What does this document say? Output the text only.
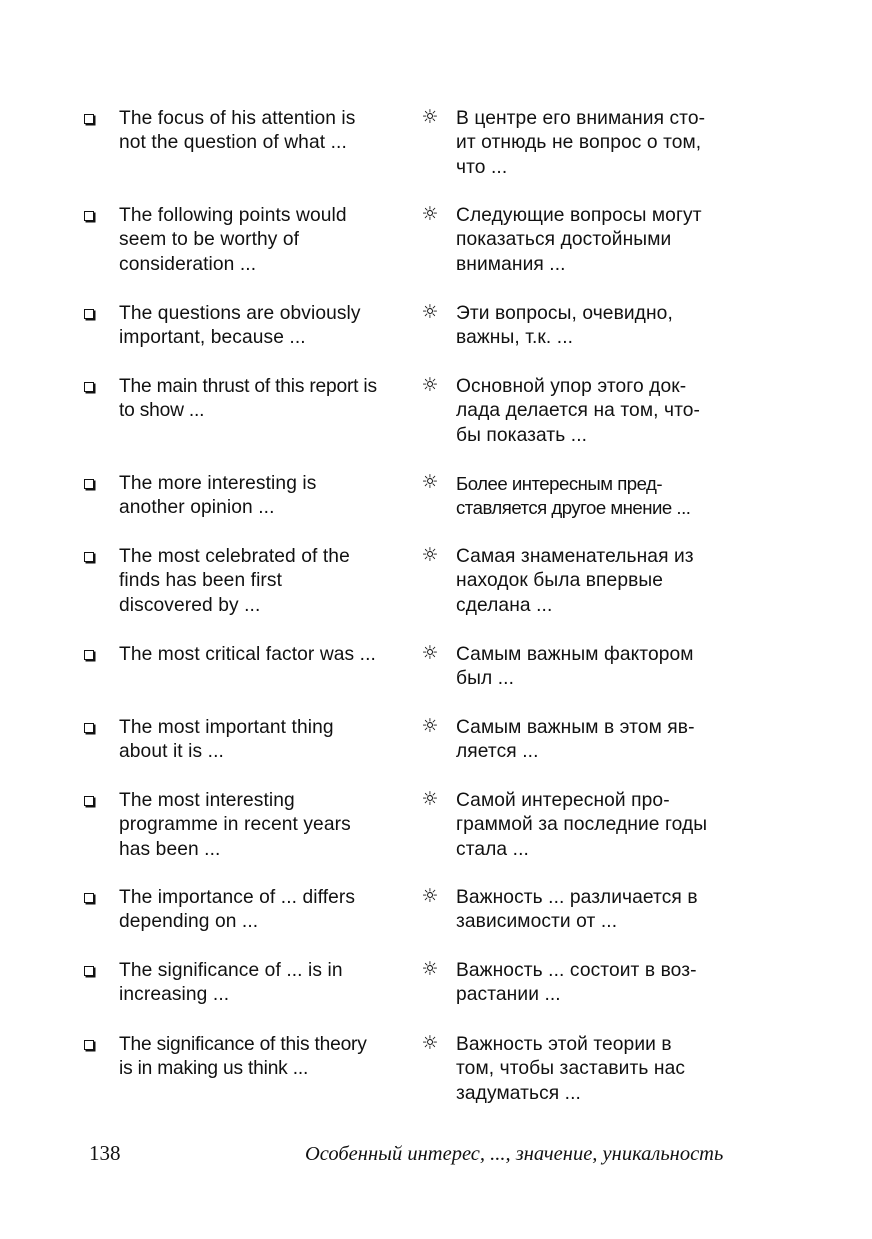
The focus of his attention is
not the question of what ...
☼ В центре его внимания сто-
ит отнюдь не вопрос о том,
что ...
The following points would
seem to be worthy of
consideration ...
☼ Следующие вопросы могут
показаться достойными
внимания ...
The questions are obviously
important, because ...
☼ Эти вопросы, очевидно,
важны, т.к. ...
The main thrust of this report is
to show ...
☼ Основной упор этого док-
лада делается на том, что-
бы показать ...
The more interesting is
another opinion ...
☼ Более интересным пред-
ставляется другое мнение ...
The most celebrated of the
finds has been first
discovered by ...
☼ Самая знаменательная из
находок была впервые
сделана ...
The most critical factor was ...	☼ Самым важным фактором
был ...
The most important thing
about it is ...
☼ Самым важным в этом яв-
ляется ...
The most interesting
programme in recent years
has been ...
☼ Самой интересной про-
граммой за последние годы
стала ...
The importance of ... differs
depending on ...
☼ Важность ... различается в
зависимости от ...
The significance of ... is in
increasing ...
☼ Важность ... состоит в воз-
растании ...
The significance of this theory
is in making us think ...
☼ Важность этой теории в
том, чтобы заставить нас
задуматься ...
138	Особенный интерес, ..., значение, уникальность
